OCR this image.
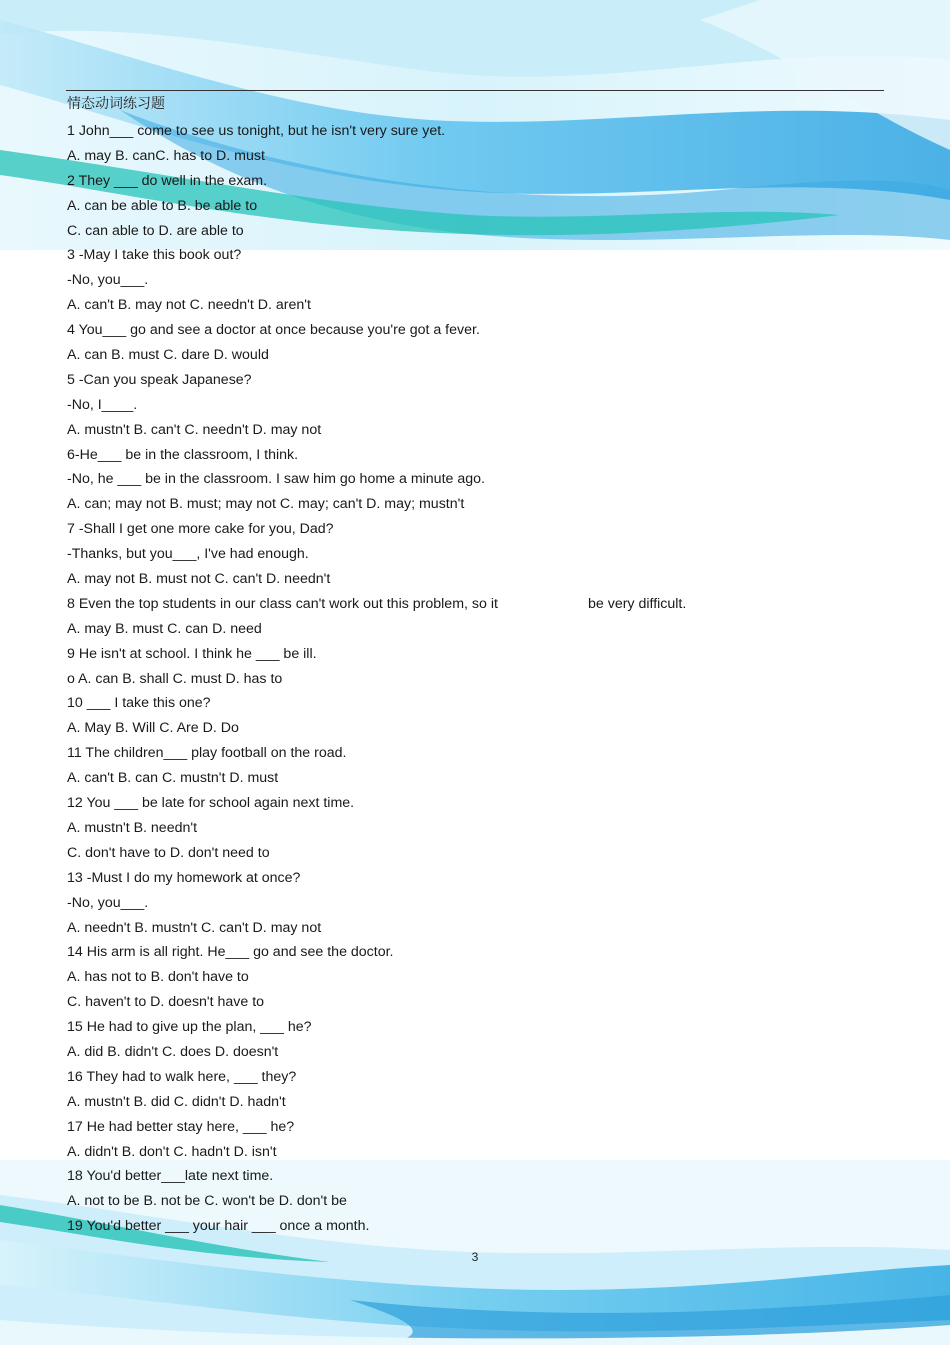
情态动词练习题
1 John___ come to see us tonight, but he isn't very sure yet.
A. may B. canC. has to D. must
2 They ___ do well in the exam.
A. can be able to B. be able to
C. can able to D. are able to
3 -May I take this book out?
-No, you___.
A. can't B. may not C. needn't D. aren't
4 You___ go and see a doctor at once because you're got a fever.
A. can B. must C. dare D. would
5 -Can you speak Japanese?
-No, I____.
A. mustn't B. can't C. needn't D. may not
6-He___ be in the classroom, I think.
-No, he ___ be in the classroom. I saw him go home a minute ago.
A. can; may not B. must; may not C. may; can't D. may; mustn't
7 -Shall I get one more cake for you, Dad?
-Thanks, but you___, I've had enough.
A. may not B. must not C. can't D. needn't
8 Even the top students in our class can't work out this problem, so it	be very difficult.
A. may B. must C. can D. need
9 He isn't at school. I think he ___ be ill.
o A. can B. shall C. must D. has to
10 ___ I take this one?
A. May B. Will C. Are D. Do
11 The children___ play football on the road.
A. can't B. can C. mustn't D. must
12 You ___ be late for school again next time.
A. mustn't B. needn't
C. don't have to D. don't need to
13 -Must I do my homework at once?
-No, you___.
A. needn't B. mustn't C. can't D. may not
14 His arm is all right. He___ go and see the doctor.
A. has not to B. don't have to
C. haven't to D. doesn't have to
15 He had to give up the plan, ___ he?
A. did B. didn't C. does D. doesn't
16 They had to walk here, ___ they?
A. mustn't B. did C. didn't D. hadn't
17 He had better stay here, ___ he?
A. didn't B. don't C. hadn't D. isn't
18 You'd better___late next time.
A. not to be B. not be C. won't be D. don't be
19 You'd better ___ your hair ___ once a month.
3
